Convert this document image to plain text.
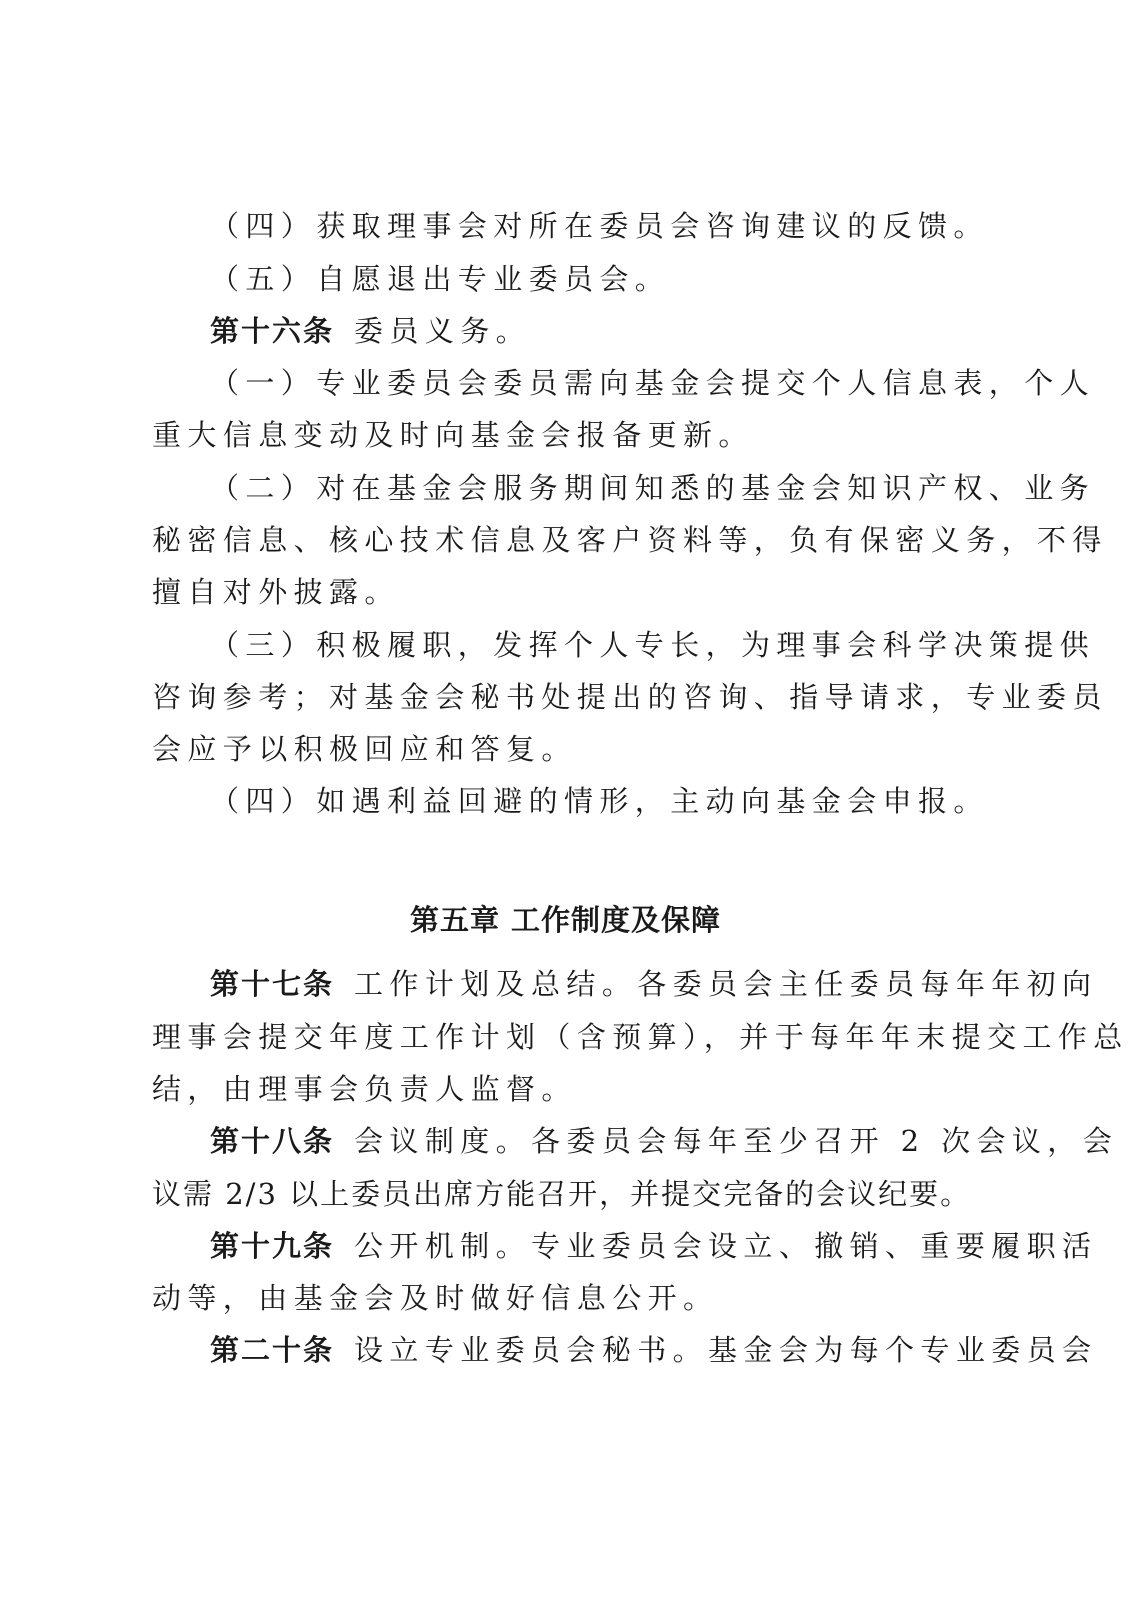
（四）获取理事会对所在委员会咨询建议的反馈。
（五）自愿退出专业委员会。
第十六条 委员义务。
（一）专业委员会委员需向基金会提交个人信息表，个人
重大信息变动及时向基金会报备更新。
（二）对在基金会服务期间知悉的基金会知识产权、业务
秘密信息、核心技术信息及客户资料等，负有保密义务，不得
擅自对外披露。
（三）积极履职，发挥个人专长，为理事会科学决策提供
咨询参考；对基金会秘书处提出的咨询、指导请求，专业委员
会应予以积极回应和答复。
（四）如遇利益回避的情形，主动向基金会申报。
第五章 工作制度及保障
第十七条 工作计划及总结。各委员会主任委员每年年初向
理事会提交年度工作计划（含预算），并于每年年末提交工作总
结，由理事会负责人监督。
第十八条 会议制度。各委员会每年至少召开 2 次会议，会
议需 2/3 以上委员出席方能召开，并提交完备的会议纪要。
第十九条 公开机制。专业委员会设立、撤销、重要履职活
动等，由基金会及时做好信息公开。
第二十条 设立专业委员会秘书。基金会为每个专业委员会
